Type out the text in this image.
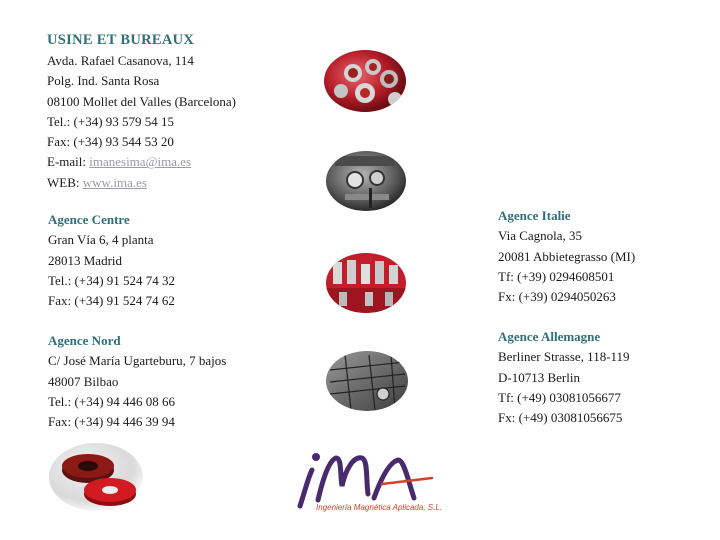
USINE ET BUREAUX
Avda. Rafael Casanova, 114
Polg. Ind. Santa Rosa
08100 Mollet del Valles (Barcelona)
Tel.: (+34) 93 579 54 15
Fax: (+34) 93 544 53 20
E-mail: imanesima@ima.es
WEB: www.ima.es
Agence Centre
Gran Vía 6, 4 planta
28013 Madrid
Tel.: (+34) 91 524 74 32
Fax: (+34) 91 524 74 62
Agence Nord
C/ José María Ugarteburu, 7 bajos
48007 Bilbao
Tel.: (+34) 94 446 08 66
Fax: (+34) 94 446 39 94
Agence Italie
Via Cagnola, 35
20081 Abbietegrasso (MI)
Tf: (+39) 0294608501
Fx: (+39) 0294050263
Agence Allemagne
Berliner Strasse, 118-119
D-10713 Berlin
Tf: (+49) 03081056677
Fx: (+49) 03081056675
Ingeniería Magnética Aplicada, S.L.
